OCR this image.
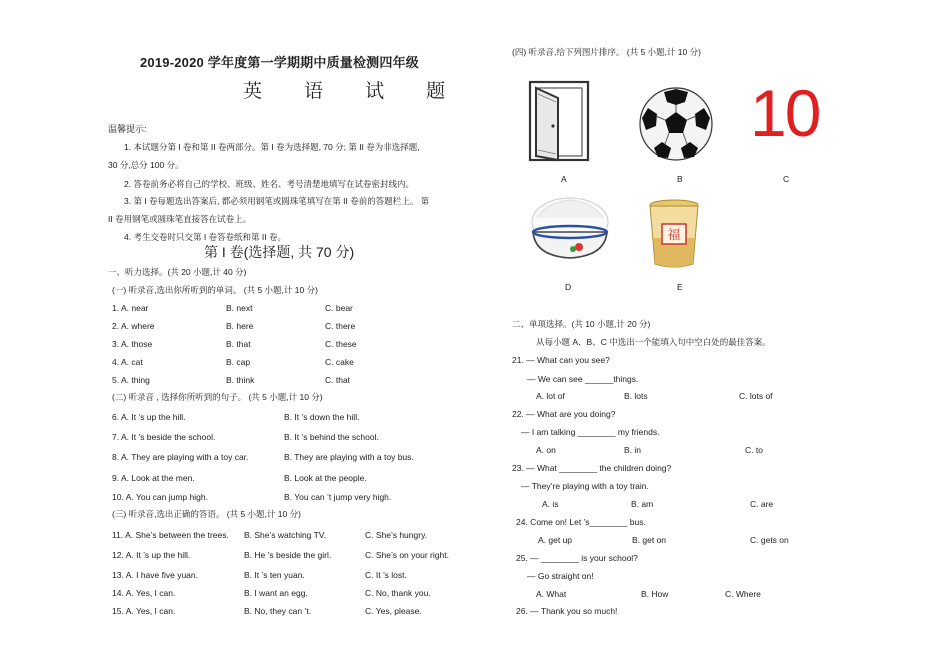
2019-2020 学年度第一学期期中质量检测四年级
英 语 试 题
温馨提示:
1. 本试题分第 I 卷和第 II 卷两部分。第 I 卷为选择题, 70 分; 第 II 卷为非选择题,
30 分,总分 100 分。
2. 答卷前务必将自己的学校、班级、姓名、考号清楚地填写在试卷密封线内。
3. 第 I 卷每题选出答案后, 都必须用钢笔或圆珠笔填写在第 II 卷前的答题栏上。 第
II 卷用钢笔或圆珠笔直接答在试卷上。
4. 考生交卷时只交第 I 卷答卷纸和第 II 卷。
第 I 卷(选择题, 共 70 分)
一、听力选择。(共 20 小题,计 40 分)
(一) 听录音,选出你所听到的单词。 (共 5 小题,计 10 分)
1. A. near	B. next	C. bear
2. A. where	B. here	C. there
3. A. those	B. that	C. these
4. A. cat	B. cap	C. cake
5. A. thing	B. think	C. that
(二) 听录音 , 选择你所听到的句子。 (共 5 小题,计 10 分)
6. A. It ’s up the hill.	B. It ’s down the hill.
7. A. It ’s beside the school.	B. It ’s behind the school.
8. A. They are playing with a toy car.	B. They are playing with a toy bus.
9. A. Look at the men.	B. Look at the people.
10. A. You can jump high.	B. You can ’t jump very high.
(三) 听录音,选出正确的答语。 (共 5 小题,计 10 分)
11. A. She’s between the trees. B. She’s watching TV.	C. She’s hungry.
12. A. It ’s up the hill.	B. He ’s beside the girl.	C. She’s on your right.
13. A. I have five yuan.	B. It ’s ten yuan.	C. It ’s lost.
14. A. Yes, I can.	B. I want an egg.	C. No, thank you.
15. A. Yes, I can.	B. No, they can ’t.	C. Yes, please.
(四) 听录音,给下列图片排序。 (共 5 小题,计 10 分)
10
A	B	C
福
D	E
二、单项选择。(共 10 小题,计 20 分)
从每小题 A、B、C 中选出一个能填入句中空白处的最佳答案。
21. — What can you see?
— We can see ______things.
A. lot of	B. lots	C. lots of
22. — What are you doing?
— I am talking ________ my friends.
A. on	B. in	C. to
23. — What ________ the children doing?
— They’re playing with a toy train.
A. is	B. am	C. are
24. Come on! Let ’s________ bus.
A. get up	B. get on	C. gets on
25. — ________ is your school?
— Go straight on!
A. What	B. How	C. Where
26. — Thank you so much!
